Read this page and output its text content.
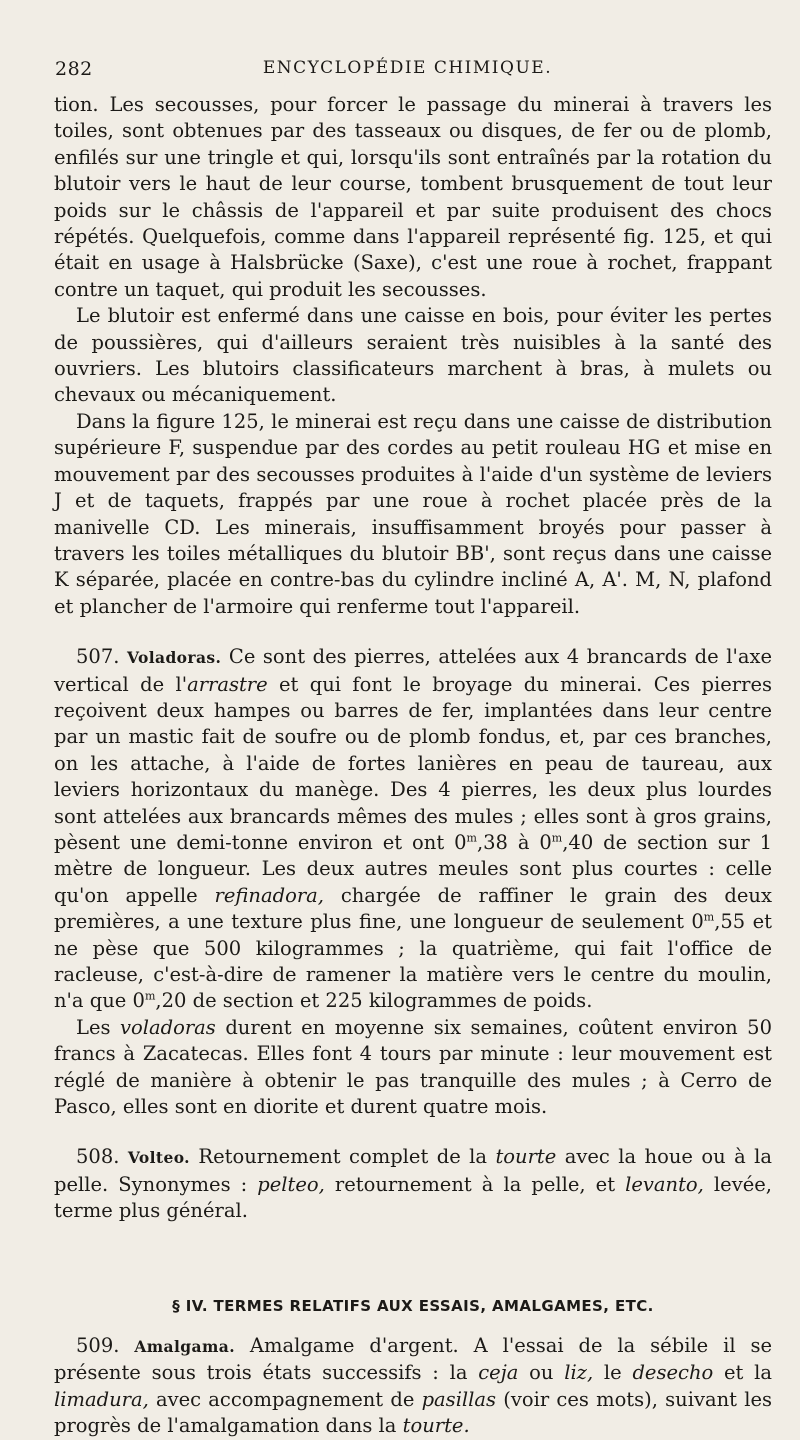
282	ENCYCLOPÉDIE CHIMIQUE.

tion. Les secousses, pour forcer le passage du minerai à travers les toiles, sont obtenues par des tasseaux ou disques, de fer ou de plomb, enfilés sur une tringle et qui, lorsqu'ils sont entraînés par la rotation du blutoir vers le haut de leur course, tombent brusquement de tout leur poids sur le châssis de l'appareil et par suite produisent des chocs répétés. Quelquefois, comme dans l'appareil représenté fig. 125, et qui était en usage à Halsbrücke (Saxe), c'est une roue à rochet, frappant contre un taquet, qui produit les secousses.

Le blutoir est enfermé dans une caisse en bois, pour éviter les pertes de poussières, qui d'ailleurs seraient très nuisibles à la santé des ouvriers. Les blutoirs classificateurs marchent à bras, à mulets ou chevaux ou mécaniquement.

Dans la figure 125, le minerai est reçu dans une caisse de distribution supérieure F, suspendue par des cordes au petit rouleau HG et mise en mouvement par des secousses produites à l'aide d'un système de leviers J et de taquets, frappés par une roue à rochet placée près de la manivelle CD. Les minerais, insuffisamment broyés pour passer à travers les toiles métalliques du blutoir BB', sont reçus dans une caisse K séparée, placée en contre-bas du cylindre incliné A, A'. M, N, plafond et plancher de l'armoire qui renferme tout l'appareil.

507. Voladoras. Ce sont des pierres, attelées aux 4 brancards de l'axe vertical de l'arrastre et qui font le broyage du minerai. Ces pierres reçoivent deux hampes ou barres de fer, implantées dans leur centre par un mastic fait de soufre ou de plomb fondus, et, par ces branches, on les attache, à l'aide de fortes lanières en peau de taureau, aux leviers horizontaux du manège. Des 4 pierres, les deux plus lourdes sont attelées aux brancards mêmes des mules ; elles sont à gros grains, pèsent une demi-tonne environ et ont 0$^m$,38 à 0$^m$,40 de section sur 1 mètre de longueur. Les deux autres meules sont plus courtes : celle qu'on appelle refinadora, chargée de raffiner le grain des deux premières, a une texture plus fine, une longueur de seulement 0$^m$,55 et ne pèse que 500 kilogrammes ; la quatrième, qui fait l'office de racleuse, c'est-à-dire de ramener la matière vers le centre du moulin, n'a que 0$^m$,20 de section et 225 kilogrammes de poids.

Les voladoras durent en moyenne six semaines, coûtent environ 50 francs à Zacatecas. Elles font 4 tours par minute : leur mouvement est réglé de manière à obtenir le pas tranquille des mules ; à Cerro de Pasco, elles sont en diorite et durent quatre mois.

508. Volteo. Retournement complet de la tourte avec la houe ou à la pelle. Synonymes : pelteo, retournement à la pelle, et levanto, levée, terme plus général.

§ IV. TERMES RELATIFS AUX ESSAIS, AMALGAMES, ETC.

509. Amalgama. Amalgame d'argent. A l'essai de la sébile il se présente sous trois états successifs : la ceja ou liz, le desecho et la limadura, avec accompagnement de pasillas (voir ces mots), suivant les progrès de l'amalgamation dans la tourte.
